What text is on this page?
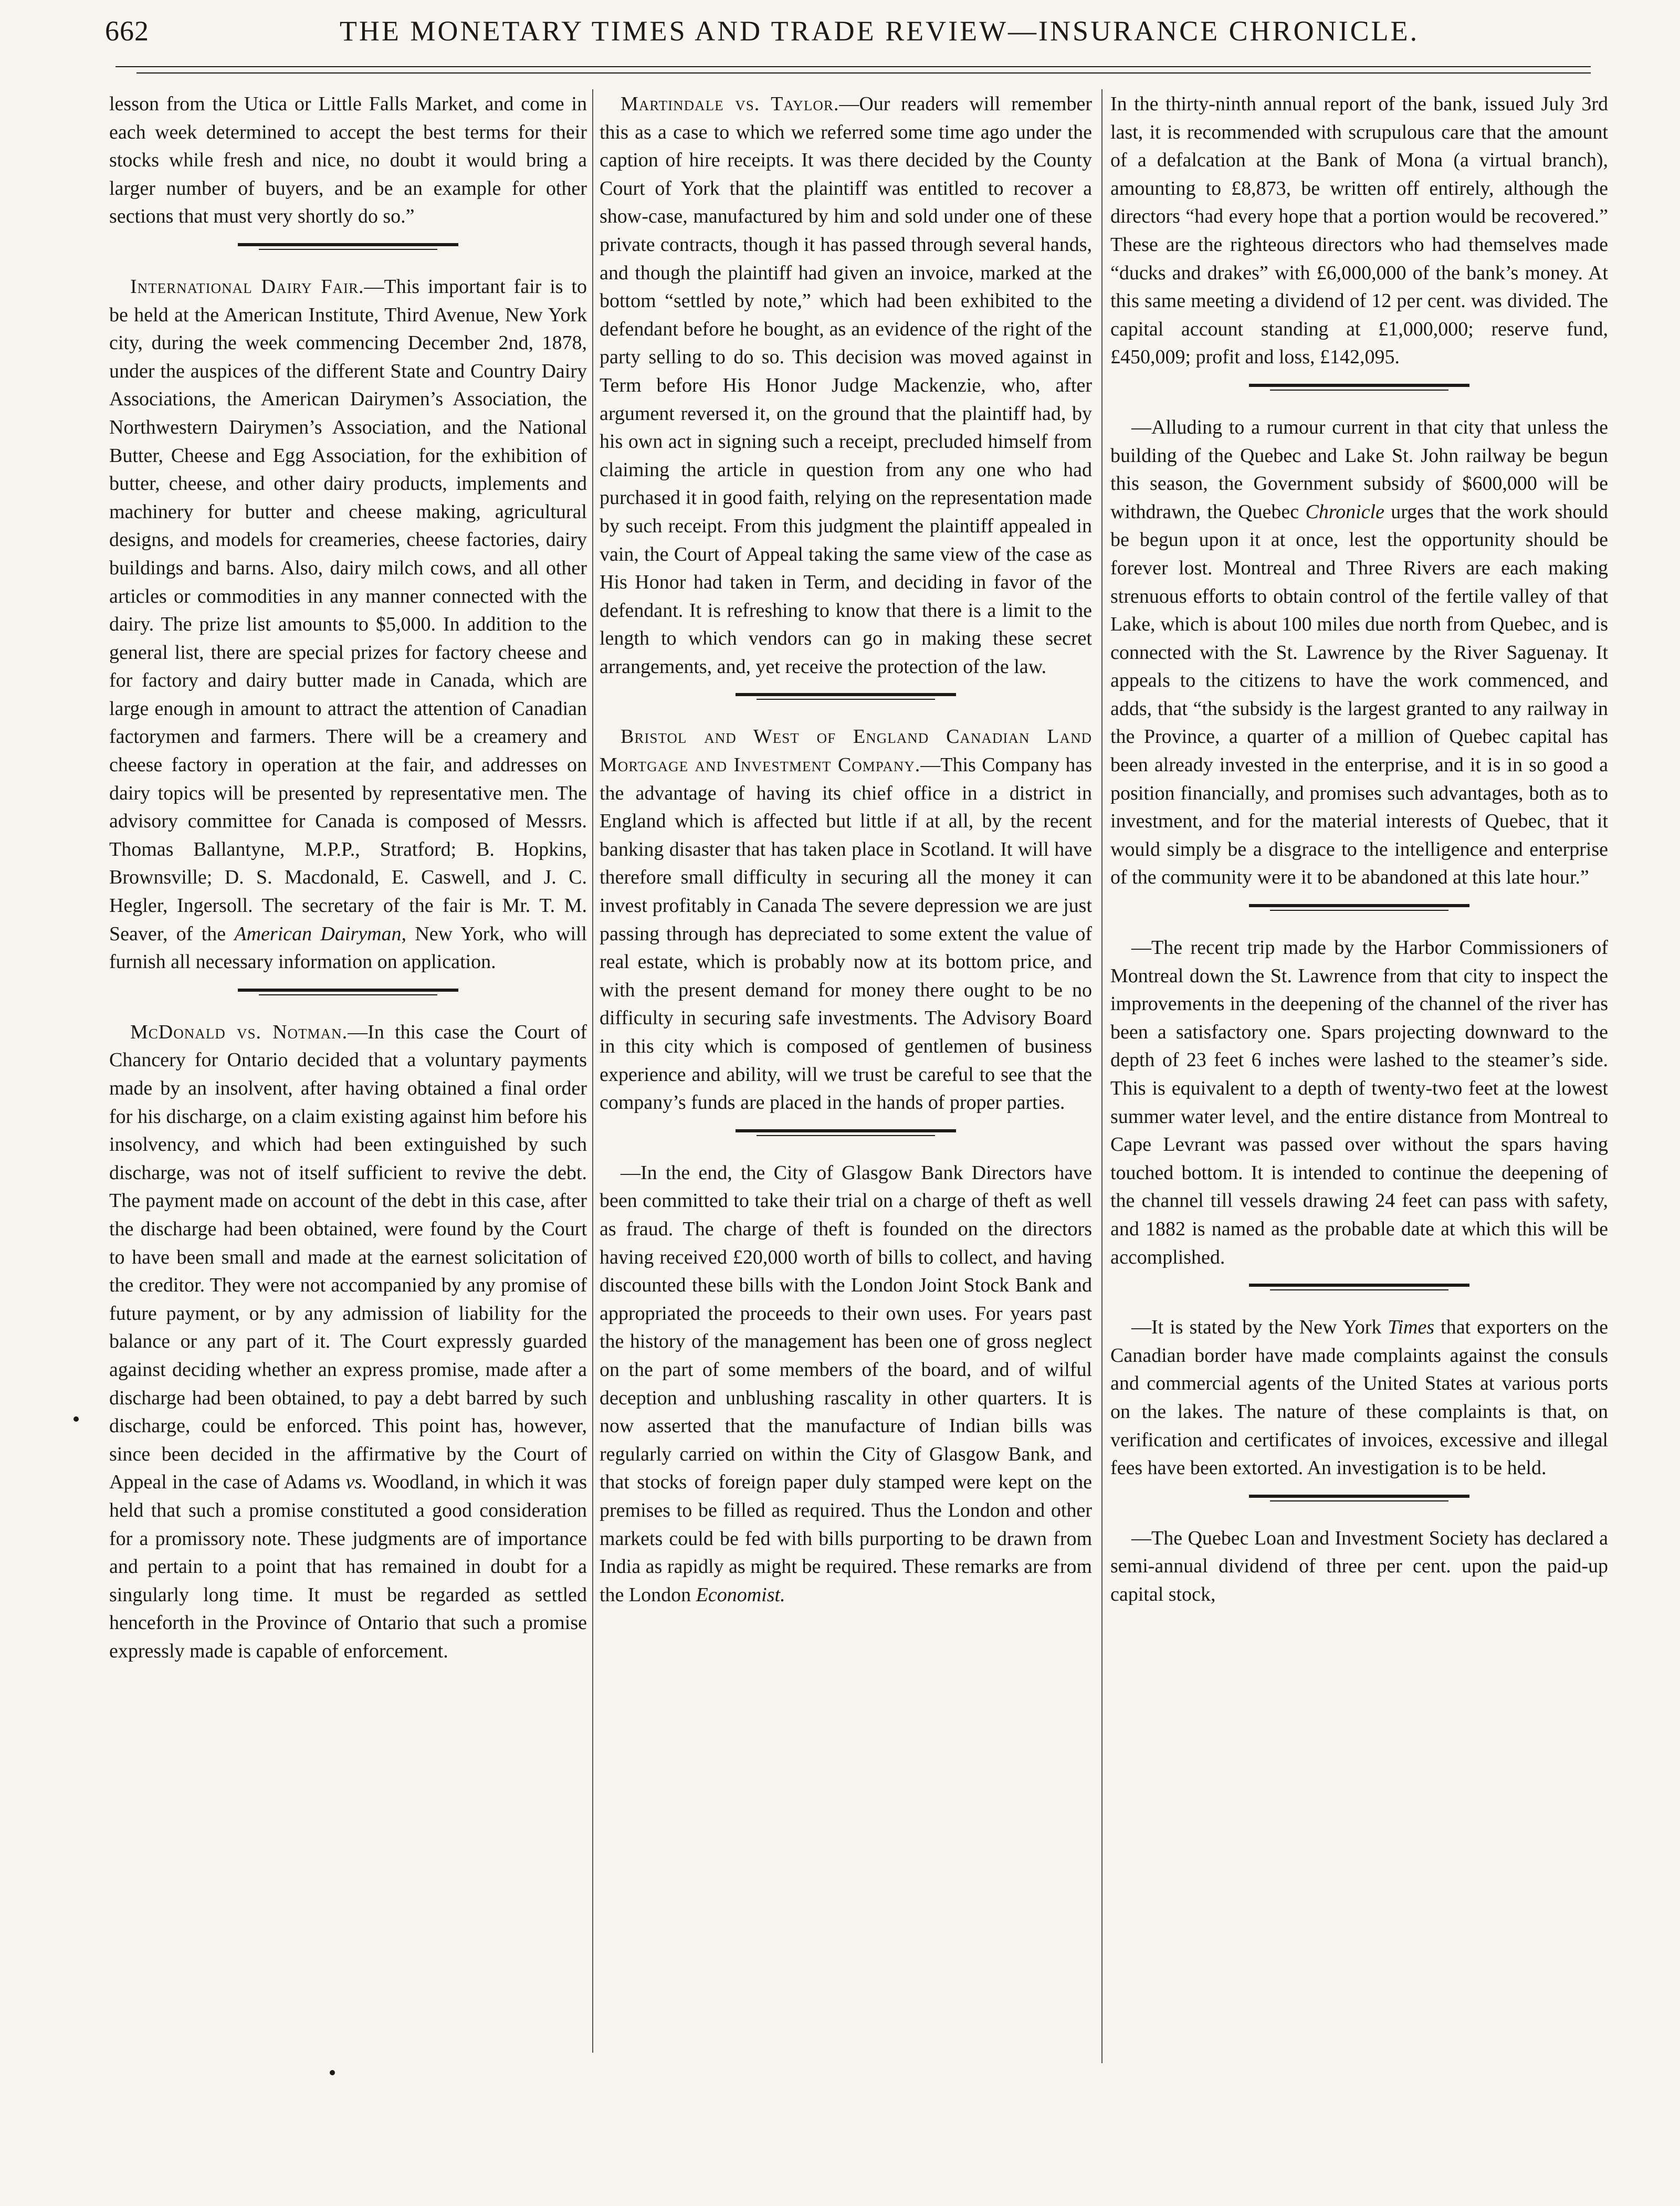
662	THE MONETARY TIMES AND TRADE REVIEW—INSURANCE CHRONICLE.

lesson from the Utica or Little Falls Market, and come in each week determined to accept the best terms for their stocks while fresh and nice, no doubt it would bring a larger number of buyers, and be an example for other sections that must very shortly do so.”

International Dairy Fair.—This important fair is to be held at the American Institute, Third Avenue, New York city, during the week commencing December 2nd, 1878, under the auspices of the different State and Country Dairy Associations, the American Dairymen’s Association, the Northwestern Dairymen’s Association, and the National Butter, Cheese and Egg Association, for the exhibition of butter, cheese, and other dairy products, implements and machinery for butter and cheese making, agricultural designs, and models for creameries, cheese factories, dairy buildings and barns. Also, dairy milch cows, and all other articles or commodities in any manner connected with the dairy. The prize list amounts to $5,000. In addition to the general list, there are special prizes for factory cheese and for factory and dairy butter made in Canada, which are large enough in amount to attract the attention of Canadian factorymen and farmers. There will be a creamery and cheese factory in operation at the fair, and addresses on dairy topics will be presented by representative men. The advisory committee for Canada is composed of Messrs. Thomas Ballantyne, M.P.P., Stratford; B. Hopkins, Brownsville; D. S. Macdonald, E. Caswell, and J. C. Hegler, Ingersoll. The secretary of the fair is Mr. T. M. Seaver, of the American Dairyman, New York, who will furnish all necessary information on application.

McDonald vs. Notman.—In this case the Court of Chancery for Ontario decided that a voluntary payments made by an insolvent, after having obtained a final order for his discharge, on a claim existing against him before his insolvency, and which had been extinguished by such discharge, was not of itself sufficient to revive the debt. The payment made on account of the debt in this case, after the discharge had been obtained, were found by the Court to have been small and made at the earnest solicitation of the creditor. They were not accompanied by any promise of future payment, or by any admission of liability for the balance or any part of it. The Court expressly guarded against deciding whether an express promise, made after a discharge had been obtained, to pay a debt barred by such discharge, could be enforced. This point has, however, since been decided in the affirmative by the Court of Appeal in the case of Adams vs. Woodland, in which it was held that such a promise constituted a good consideration for a promissory note. These judgments are of importance and pertain to a point that has remained in doubt for a singularly long time. It must be regarded as settled henceforth in the Province of Ontario that such a promise expressly made is capable of enforcement.

Martindale vs. Taylor.—Our readers will remember this as a case to which we referred some time ago under the caption of hire receipts. It was there decided by the County Court of York that the plaintiff was entitled to recover a show-case, manufactured by him and sold under one of these private contracts, though it has passed through several hands, and though the plaintiff had given an invoice, marked at the bottom “settled by note,” which had been exhibited to the defendant before he bought, as an evidence of the right of the party selling to do so. This decision was moved against in Term before His Honor Judge Mackenzie, who, after argument reversed it, on the ground that the plaintiff had, by his own act in signing such a receipt, precluded himself from claiming the article in question from any one who had purchased it in good faith, relying on the representation made by such receipt. From this judgment the plaintiff appealed in vain, the Court of Appeal taking the same view of the case as His Honor had taken in Term, and deciding in favor of the defendant. It is refreshing to know that there is a limit to the length to which vendors can go in making these secret arrangements, and, yet receive the protection of the law.

Bristol and West of England Canadian Land Mortgage and Investment Company.—This Company has the advantage of having its chief office in a district in England which is affected but little if at all, by the recent banking disaster that has taken place in Scotland. It will have therefore small difficulty in securing all the money it can invest profitably in Canada The severe depression we are just passing through has depreciated to some extent the value of real estate, which is probably now at its bottom price, and with the present demand for money there ought to be no difficulty in securing safe investments. The Advisory Board in this city which is composed of gentlemen of business experience and ability, will we trust be careful to see that the company’s funds are placed in the hands of proper parties.

—In the end, the City of Glasgow Bank Directors have been committed to take their trial on a charge of theft as well as fraud. The charge of theft is founded on the directors having received £20,000 worth of bills to collect, and having discounted these bills with the London Joint Stock Bank and appropriated the proceeds to their own uses. For years past the history of the management has been one of gross neglect on the part of some members of the board, and of wilful deception and unblushing rascality in other quarters. It is now asserted that the manufacture of Indian bills was regularly carried on within the City of Glasgow Bank, and that stocks of foreign paper duly stamped were kept on the premises to be filled as required. Thus the London and other markets could be fed with bills purporting to be drawn from India as rapidly as might be required. These remarks are from the London Economist.

In the thirty-ninth annual report of the bank, issued July 3rd last, it is recommended with scrupulous care that the amount of a defalcation at the Bank of Mona (a virtual branch), amounting to £8,873, be written off entirely, although the directors “had every hope that a portion would be recovered.” These are the righteous directors who had themselves made “ducks and drakes” with £6,000,000 of the bank’s money. At this same meeting a dividend of 12 per cent. was divided. The capital account standing at £1,000,000; reserve fund, £450,009; profit and loss, £142,095.

—Alluding to a rumour current in that city that unless the building of the Quebec and Lake St. John railway be begun this season, the Government subsidy of $600,000 will be withdrawn, the Quebec Chronicle urges that the work should be begun upon it at once, lest the opportunity should be forever lost. Montreal and Three Rivers are each making strenuous efforts to obtain control of the fertile valley of that Lake, which is about 100 miles due north from Quebec, and is connected with the St. Lawrence by the River Saguenay. It appeals to the citizens to have the work commenced, and adds, that “the subsidy is the largest granted to any railway in the Province, a quarter of a million of Quebec capital has been already invested in the enterprise, and it is in so good a position financially, and promises such advantages, both as to investment, and for the material interests of Quebec, that it would simply be a disgrace to the intelligence and enterprise of the community were it to be abandoned at this late hour.”

—The recent trip made by the Harbor Commissioners of Montreal down the St. Lawrence from that city to inspect the improvements in the deepening of the channel of the river has been a satisfactory one. Spars projecting downward to the depth of 23 feet 6 inches were lashed to the steamer’s side. This is equivalent to a depth of twenty-two feet at the lowest summer water level, and the entire distance from Montreal to Cape Levrant was passed over without the spars having touched bottom. It is intended to continue the deepening of the channel till vessels drawing 24 feet can pass with safety, and 1882 is named as the probable date at which this will be accomplished.

—It is stated by the New York Times that exporters on the Canadian border have made complaints against the consuls and commercial agents of the United States at various ports on the lakes. The nature of these complaints is that, on verification and certificates of invoices, excessive and illegal fees have been extorted. An investigation is to be held.

—The Quebec Loan and Investment Society has declared a semi-annual dividend of three per cent. upon the paid-up capital stock,
